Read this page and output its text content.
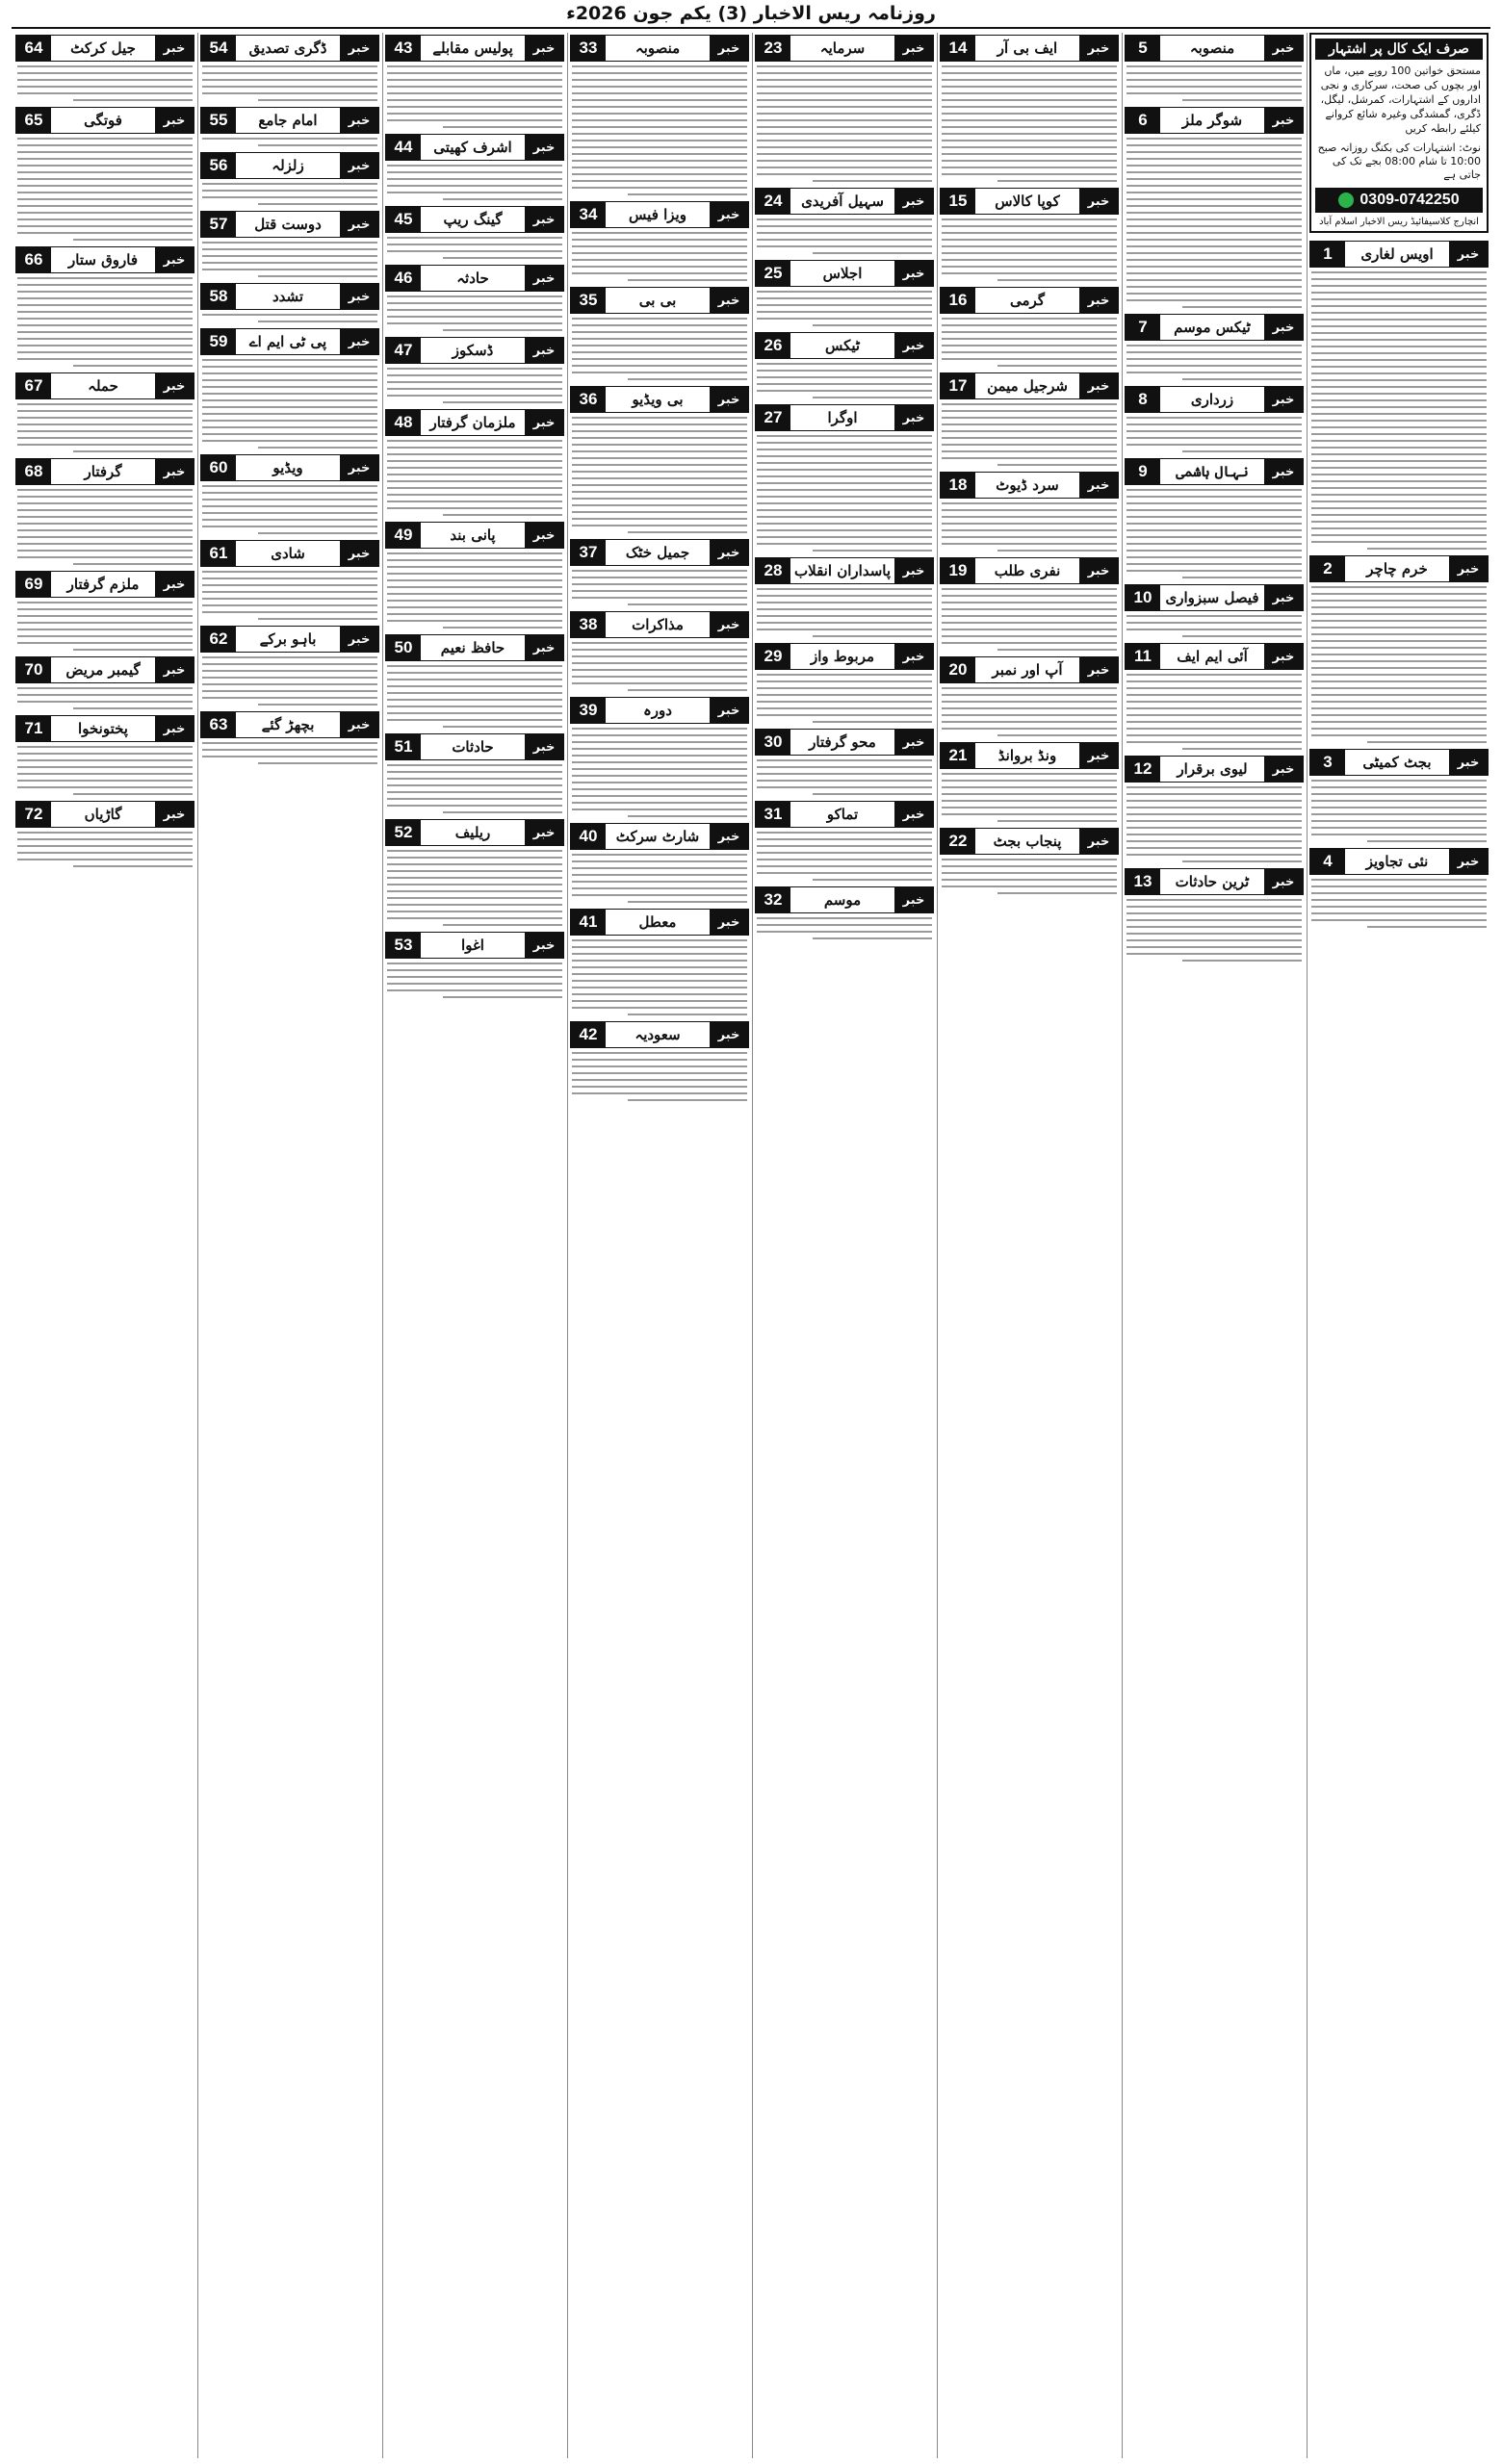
روزنامہ ریس الاخبار (3) یکم جون 2026ء
صرف ایک کال پر اشتہار
مستحق خواتین 100 روپے میں، ماں اور بچوں کی صحت، سرکاری و نجی اداروں کے اشتہارات، کمرشل، لیگل، ڈگری، گمشدگی وغیرہ شائع کروانے کیلئے رابطہ کریں
نوٹ: اشتہارات کی بکنگ روزانہ صبح 10:00 تا شام 08:00 بجے تک کی جاتی ہے
0309-0742250
انچارج کلاسیفائیڈ ریس الاخبار اسلام آباد
خبر
اویس لغاری
1
خبر
خرم چاچر
2
خبر
بجٹ کمیٹی
3
خبر
نئی تجاویز
4
خبر
منصوبہ
5
خبر
شوگر ملز
6
خبر
ٹیکس موسم
7
خبر
زرداری
8
خبر
نہال ہاشمی
9
خبر
فیصل سبزواری
10
خبر
آئی ایم ایف
11
خبر
لیوی برقرار
12
خبر
ٹرین حادثات
13
خبر
ایف بی آر
14
خبر
کوپا کالاس
15
خبر
گرمی
16
خبر
شرجیل میمن
17
خبر
سرد ڈیوٹ
18
خبر
نفری طلب
19
خبر
آپ اور نمبر
20
خبر
ونڈ بروانڈ
21
خبر
پنجاب بجٹ
22
خبر
سرمایہ
23
خبر
سہیل آفریدی
24
خبر
اجلاس
25
خبر
ٹیکس
26
خبر
اوگرا
27
خبر
پاسداران انقلاب
28
خبر
مربوط واز
29
خبر
محو گرفتار
30
خبر
تماکو
31
خبر
موسم
32
خبر
منصوبہ
33
خبر
ویزا فیس
34
خبر
بی بی
35
خبر
بی ویڈیو
36
خبر
جمیل خٹک
37
خبر
مذاکرات
38
خبر
دورہ
39
خبر
شارٹ سرکٹ
40
خبر
معطل
41
خبر
سعودیہ
42
خبر
پولیس مقابلے
43
خبر
اشرف کھیتی
44
خبر
گینگ ریپ
45
خبر
حادثہ
46
خبر
ڈسکوز
47
خبر
ملزمان گرفتار
48
خبر
پانی بند
49
خبر
حافظ نعیم
50
خبر
حادثات
51
خبر
ریلیف
52
خبر
اغوا
53
خبر
ڈگری تصدیق
54
خبر
امام جامع
55
خبر
زلزلہ
56
خبر
دوست قتل
57
خبر
تشدد
58
خبر
پی ٹی ایم اے
59
خبر
ویڈیو
60
خبر
شادی
61
خبر
باہو برکے
62
خبر
بچھڑ گئے
63
خبر
جیل کرکٹ
64
خبر
فوتگی
65
خبر
فاروق ستار
66
خبر
حملہ
67
خبر
گرفتار
68
خبر
ملزم گرفتار
69
خبر
گیمبر مریض
70
خبر
پختونخوا
71
خبر
گاڑیاں
72
